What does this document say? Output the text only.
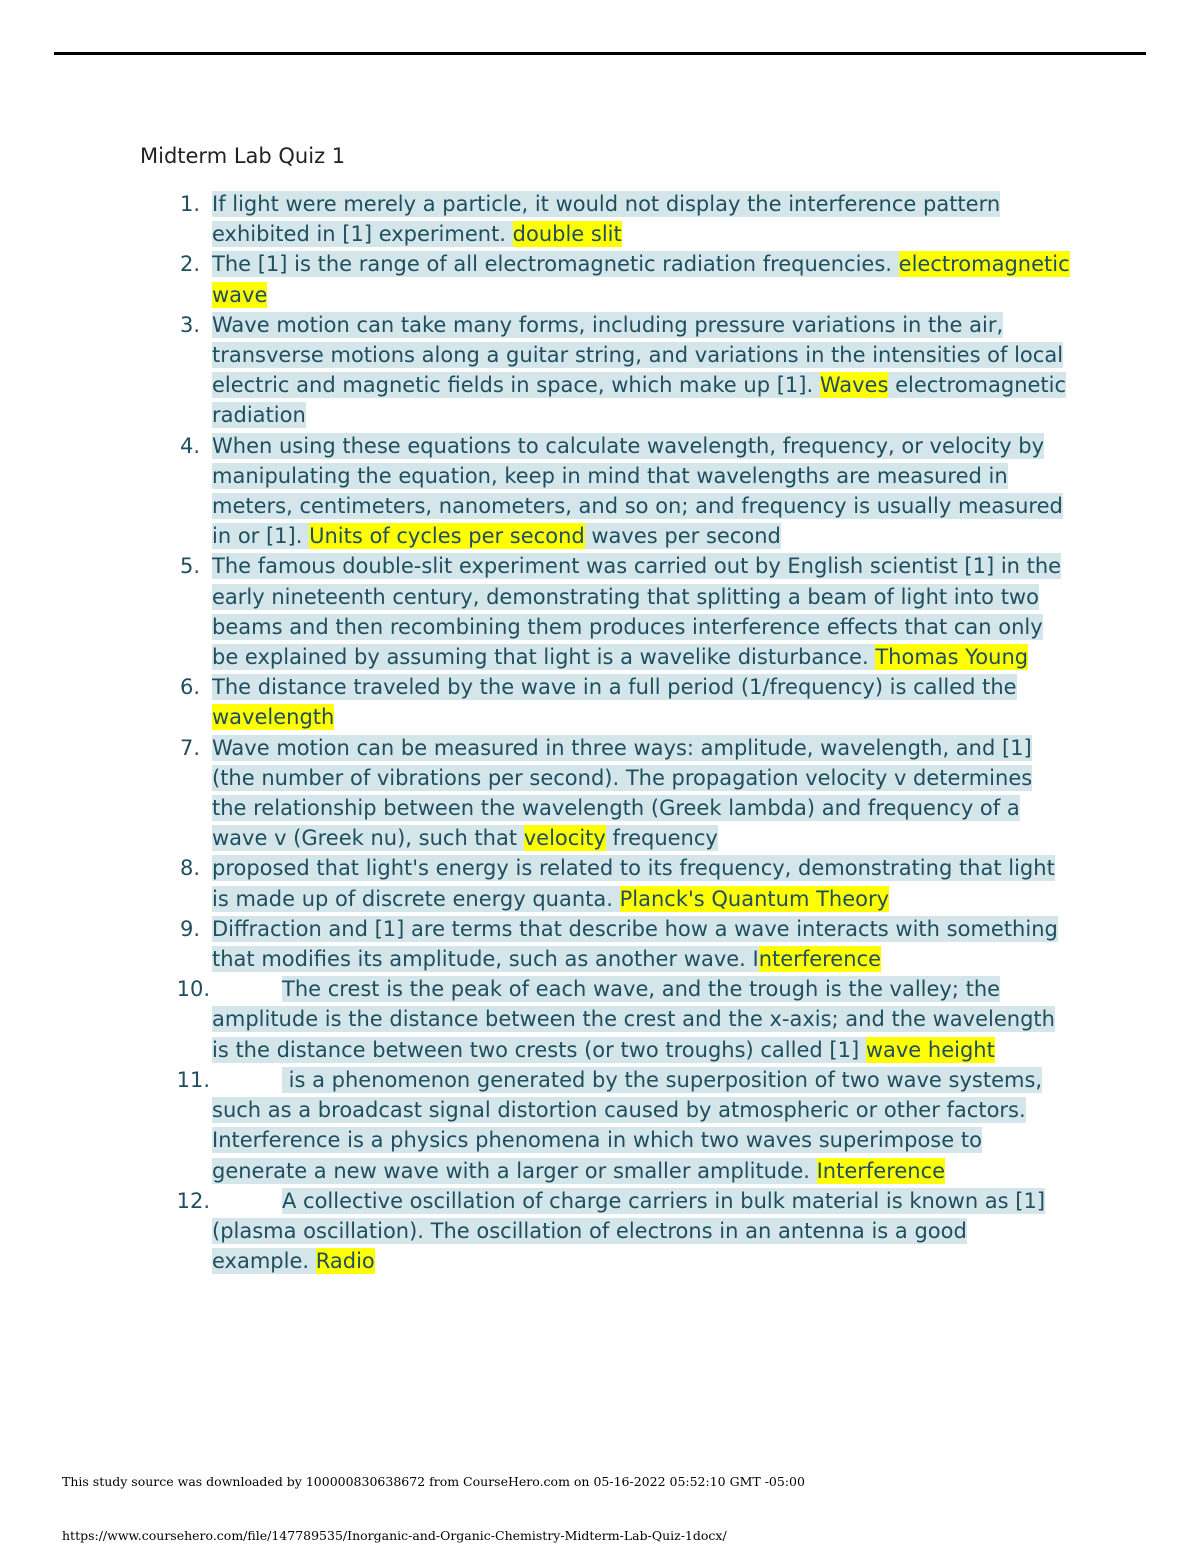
Midterm Lab Quiz 1
1. If light were merely a particle, it would not display the interference pattern exhibited in [1] experiment. double slit
2. The [1] is the range of all electromagnetic radiation frequencies. electromagnetic wave
3. Wave motion can take many forms, including pressure variations in the air, transverse motions along a guitar string, and variations in the intensities of local electric and magnetic fields in space, which make up [1]. Waves electromagnetic radiation
4. When using these equations to calculate wavelength, frequency, or velocity by manipulating the equation, keep in mind that wavelengths are measured in meters, centimeters, nanometers, and so on; and frequency is usually measured in or [1]. Units of cycles per second waves per second
5. The famous double-slit experiment was carried out by English scientist [1] in the early nineteenth century, demonstrating that splitting a beam of light into two beams and then recombining them produces interference effects that can only be explained by assuming that light is a wavelike disturbance. Thomas Young
6. The distance traveled by the wave in a full period (1/frequency) is called the wavelength
7. Wave motion can be measured in three ways: amplitude, wavelength, and [1] (the number of vibrations per second). The propagation velocity v determines the relationship between the wavelength (Greek lambda) and frequency of a wave v (Greek nu), such that velocity frequency
8. proposed that light's energy is related to its frequency, demonstrating that light is made up of discrete energy quanta. Planck's Quantum Theory
9. Diffraction and [1] are terms that describe how a wave interacts with something that modifies its amplitude, such as another wave. Interference
10.	The crest is the peak of each wave, and the trough is the valley; the amplitude is the distance between the crest and the x-axis; and the wavelength is the distance between two crests (or two troughs) called [1] wave height
11.	is a phenomenon generated by the superposition of two wave systems, such as a broadcast signal distortion caused by atmospheric or other factors. Interference is a physics phenomena in which two waves superimpose to generate a new wave with a larger or smaller amplitude. Interference
12.	A collective oscillation of charge carriers in bulk material is known as [1] (plasma oscillation). The oscillation of electrons in an antenna is a good example. Radio
This study source was downloaded by 100000830638672 from CourseHero.com on 05-16-2022 05:52:10 GMT -05:00
https://www.coursehero.com/file/147789535/Inorganic-and-Organic-Chemistry-Midterm-Lab-Quiz-1docx/
